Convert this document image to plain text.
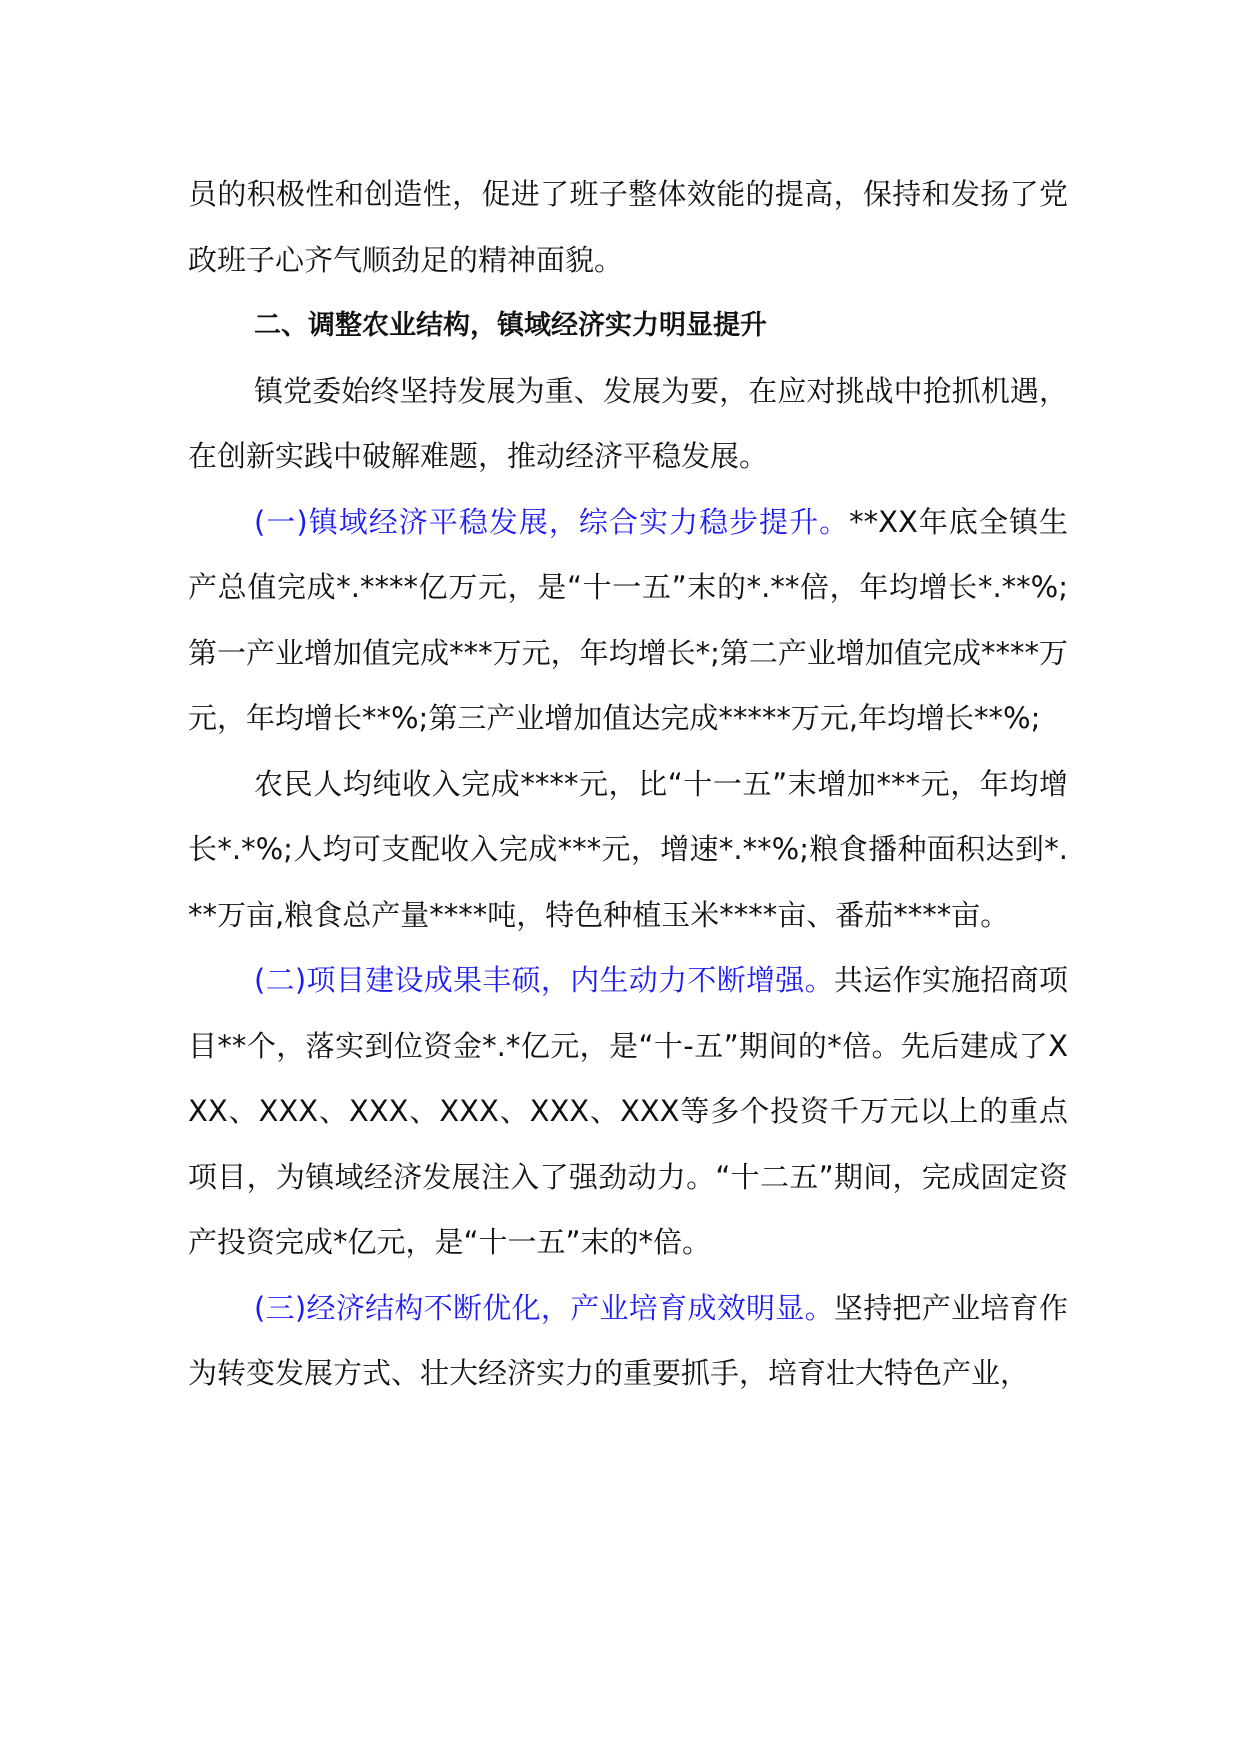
员的积极性和创造性，促进了班子整体效能的提高，保持和发扬了党政班子心齐气顺劲足的精神面貌。

二、调整农业结构，镇域经济实力明显提升

镇党委始终坚持发展为重、发展为要，在应对挑战中抢抓机遇，在创新实践中破解难题，推动经济平稳发展。

(一)镇域经济平稳发展，综合实力稳步提升。**XX年底全镇生产总值完成*.****亿万元，是“十一五”末的*.**倍，年均增长*.**%;第一产业增加值完成***万元，年均增长*;第二产业增加值完成****万元，年均增长**%;第三产业增加值达完成*****万元,年均增长**%;

农民人均纯收入完成****元，比“十一五”末增加***元，年均增长*.*%;人均可支配收入完成***元，增速*.**%;粮食播种面积达到*.**万亩,粮食总产量****吨，特色种植玉米****亩、番茄****亩。

(二)项目建设成果丰硕，内生动力不断增强。共运作实施招商项目**个，落实到位资金*.*亿元，是“十-五”期间的*倍。先后建成了XXX、XXX、XXX、XXX、XXX、XXX等多个投资千万元以上的重点项目，为镇域经济发展注入了强劲动力。“十二五”期间，完成固定资产投资完成*亿元，是“十一五”末的*倍。

(三)经济结构不断优化，产业培育成效明显。坚持把产业培育作为转变发展方式、壮大经济实力的重要抓手，培育壮大特色产业，
